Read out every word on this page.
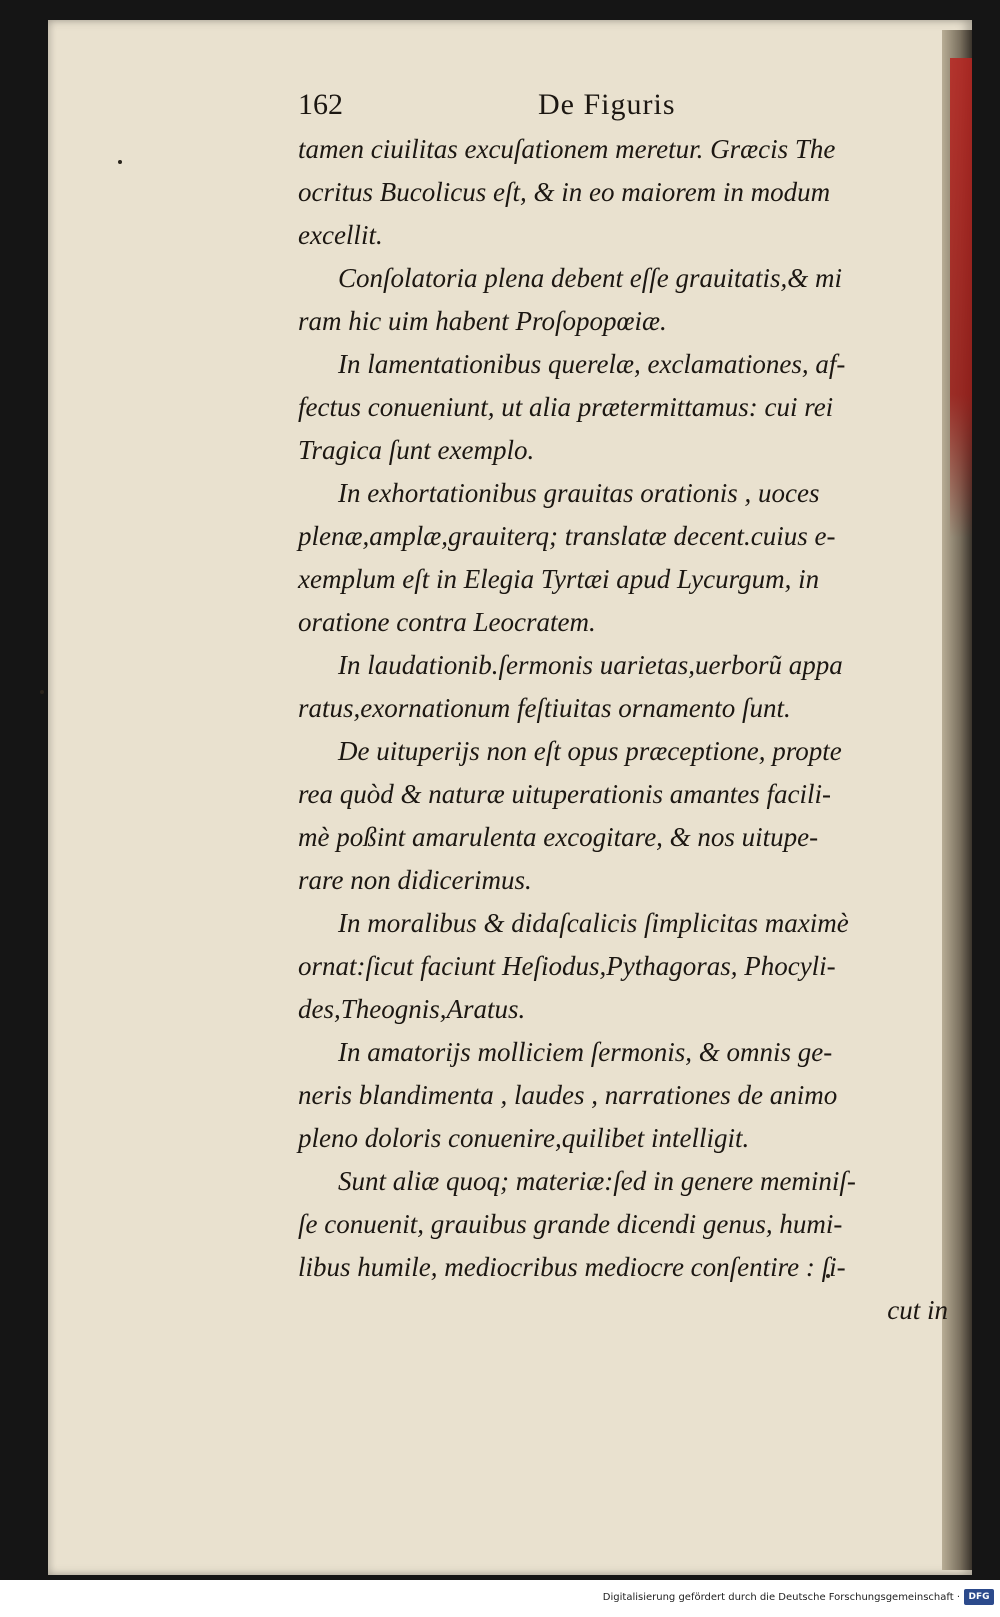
162	De Figuris
tamen ciuilitas excuſationem meretur. Græcis The
ocritus Bucolicus eſt, & in eo maiorem in modum
excellit.
Conſolatoria plena debent eſſe grauitatis,& mi
ram hic uim habent Proſopopœiæ.
In lamentationibus querelæ, exclamationes, af-
fectus conueniunt, ut alia prætermittamus: cui rei
Tragica ſunt exemplo.
In exhortationibus grauitas orationis , uoces
plenæ,amplæ,grauiterq; translatæ decent.cuius e-
xemplum eſt in Elegia Tyrtæi apud Lycurgum, in
oratione contra Leocratem.
In laudationib.ſermonis uarietas,uerborũ appa
ratus,exornationum feſtiuitas ornamento ſunt.
De uituperijs non eſt opus præceptione, propte
rea quòd & naturæ uituperationis amantes facili-
mè poßint amarulenta excogitare, & nos uitupe-
rare non didicerimus.
In moralibus & didaſcalicis ſimplicitas maximè
ornat:ſicut faciunt Heſiodus,Pythagoras, Phocyli-
des,Theognis,Aratus.
In amatorijs molliciem ſermonis, & omnis ge-
neris blandimenta , laudes , narrationes de animo
pleno doloris conuenire,quilibet intelligit.
Sunt aliæ quoq; materiæ:ſed in genere meminiſ-
ſe conuenit, grauibus grande dicendi genus, humi-
libus humile, mediocribus mediocre conſentire : ſi-
cut in
Digitalisierung gefördert durch die Deutsche Forschungsgemeinschaft · DFG
